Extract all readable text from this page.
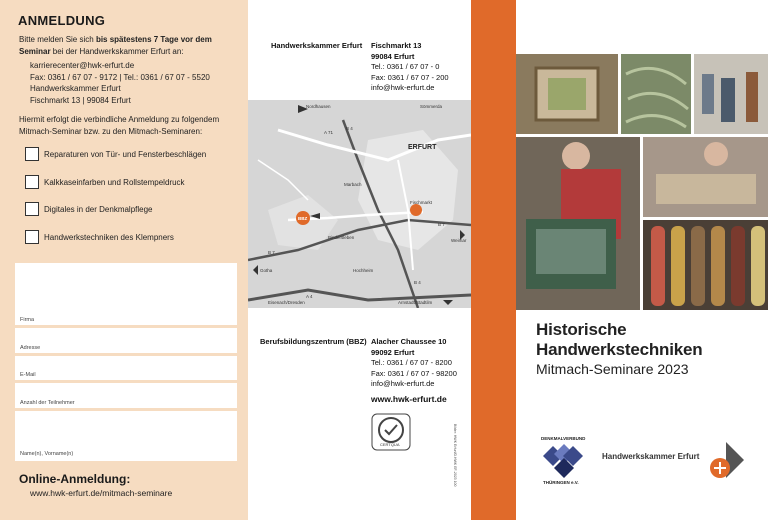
ANMELDUNG
Bitte melden Sie sich bis spätestens 7 Tage vor dem
Seminar bei der Handwerkskammer Erfurt an:
karrierecenter@hwk-erfurt.de
Fax: 0361 / 67 07 - 9172 | Tel.: 0361 / 67 07 - 5520
Handwerkskammer Erfurt
Fischmarkt 13 | 99084 Erfurt
Hiermit erfolgt die verbindliche Anmeldung zu folgendem
Mitmach-Seminar bzw. zu den Mitmach-Seminaren:
Reparaturen von Tür- und Fensterbeschlägen
Kalkkaseinfarben und Rollstempeldruck
Digitales in der Denkmalpflege
Handwerkstechniken des Klempners
Firma
Adresse
E-Mail
Anzahl der Teilnehmer
Name(n), Vorname(n)
Online-Anmeldung:
www.hwk-erfurt.de/mitmach-seminare
Handwerkskammer Erfurt Fischmarkt 13
99084 Erfurt
Tel.: 0361 / 67 07 - 0
Fax: 0361 / 67 07 - 200
info@hwk-erfurt.de
Nordhausen	Sömmerda
Gotha
Eisenach/Dresden
Weimar
Arnstadt/Stadtilm
Bindersleben
Marbach
Fischmarkt
Hochheim
BBZ
ERFURT
A 71
B 4
B 7
B 7
A 4
B 4
Berufsbildungszentrum (BBZ) Alacher Chaussee 10
99092 Erfurt
Tel.: 0361 / 67 07 - 8200
Fax: 0361 / 67 07 - 98200
info@hwk-erfurt.de
www.hwk-erfurt.de
CERTQUA	Bilder: HWK Erfurt/D.HWK EF-2023 100
Historische
Handwerkstechniken
Mitmach-Seminare 2023
DENKMALVERBUND
THÜRINGEN e.V.
Handwerkskammer Erfurt
